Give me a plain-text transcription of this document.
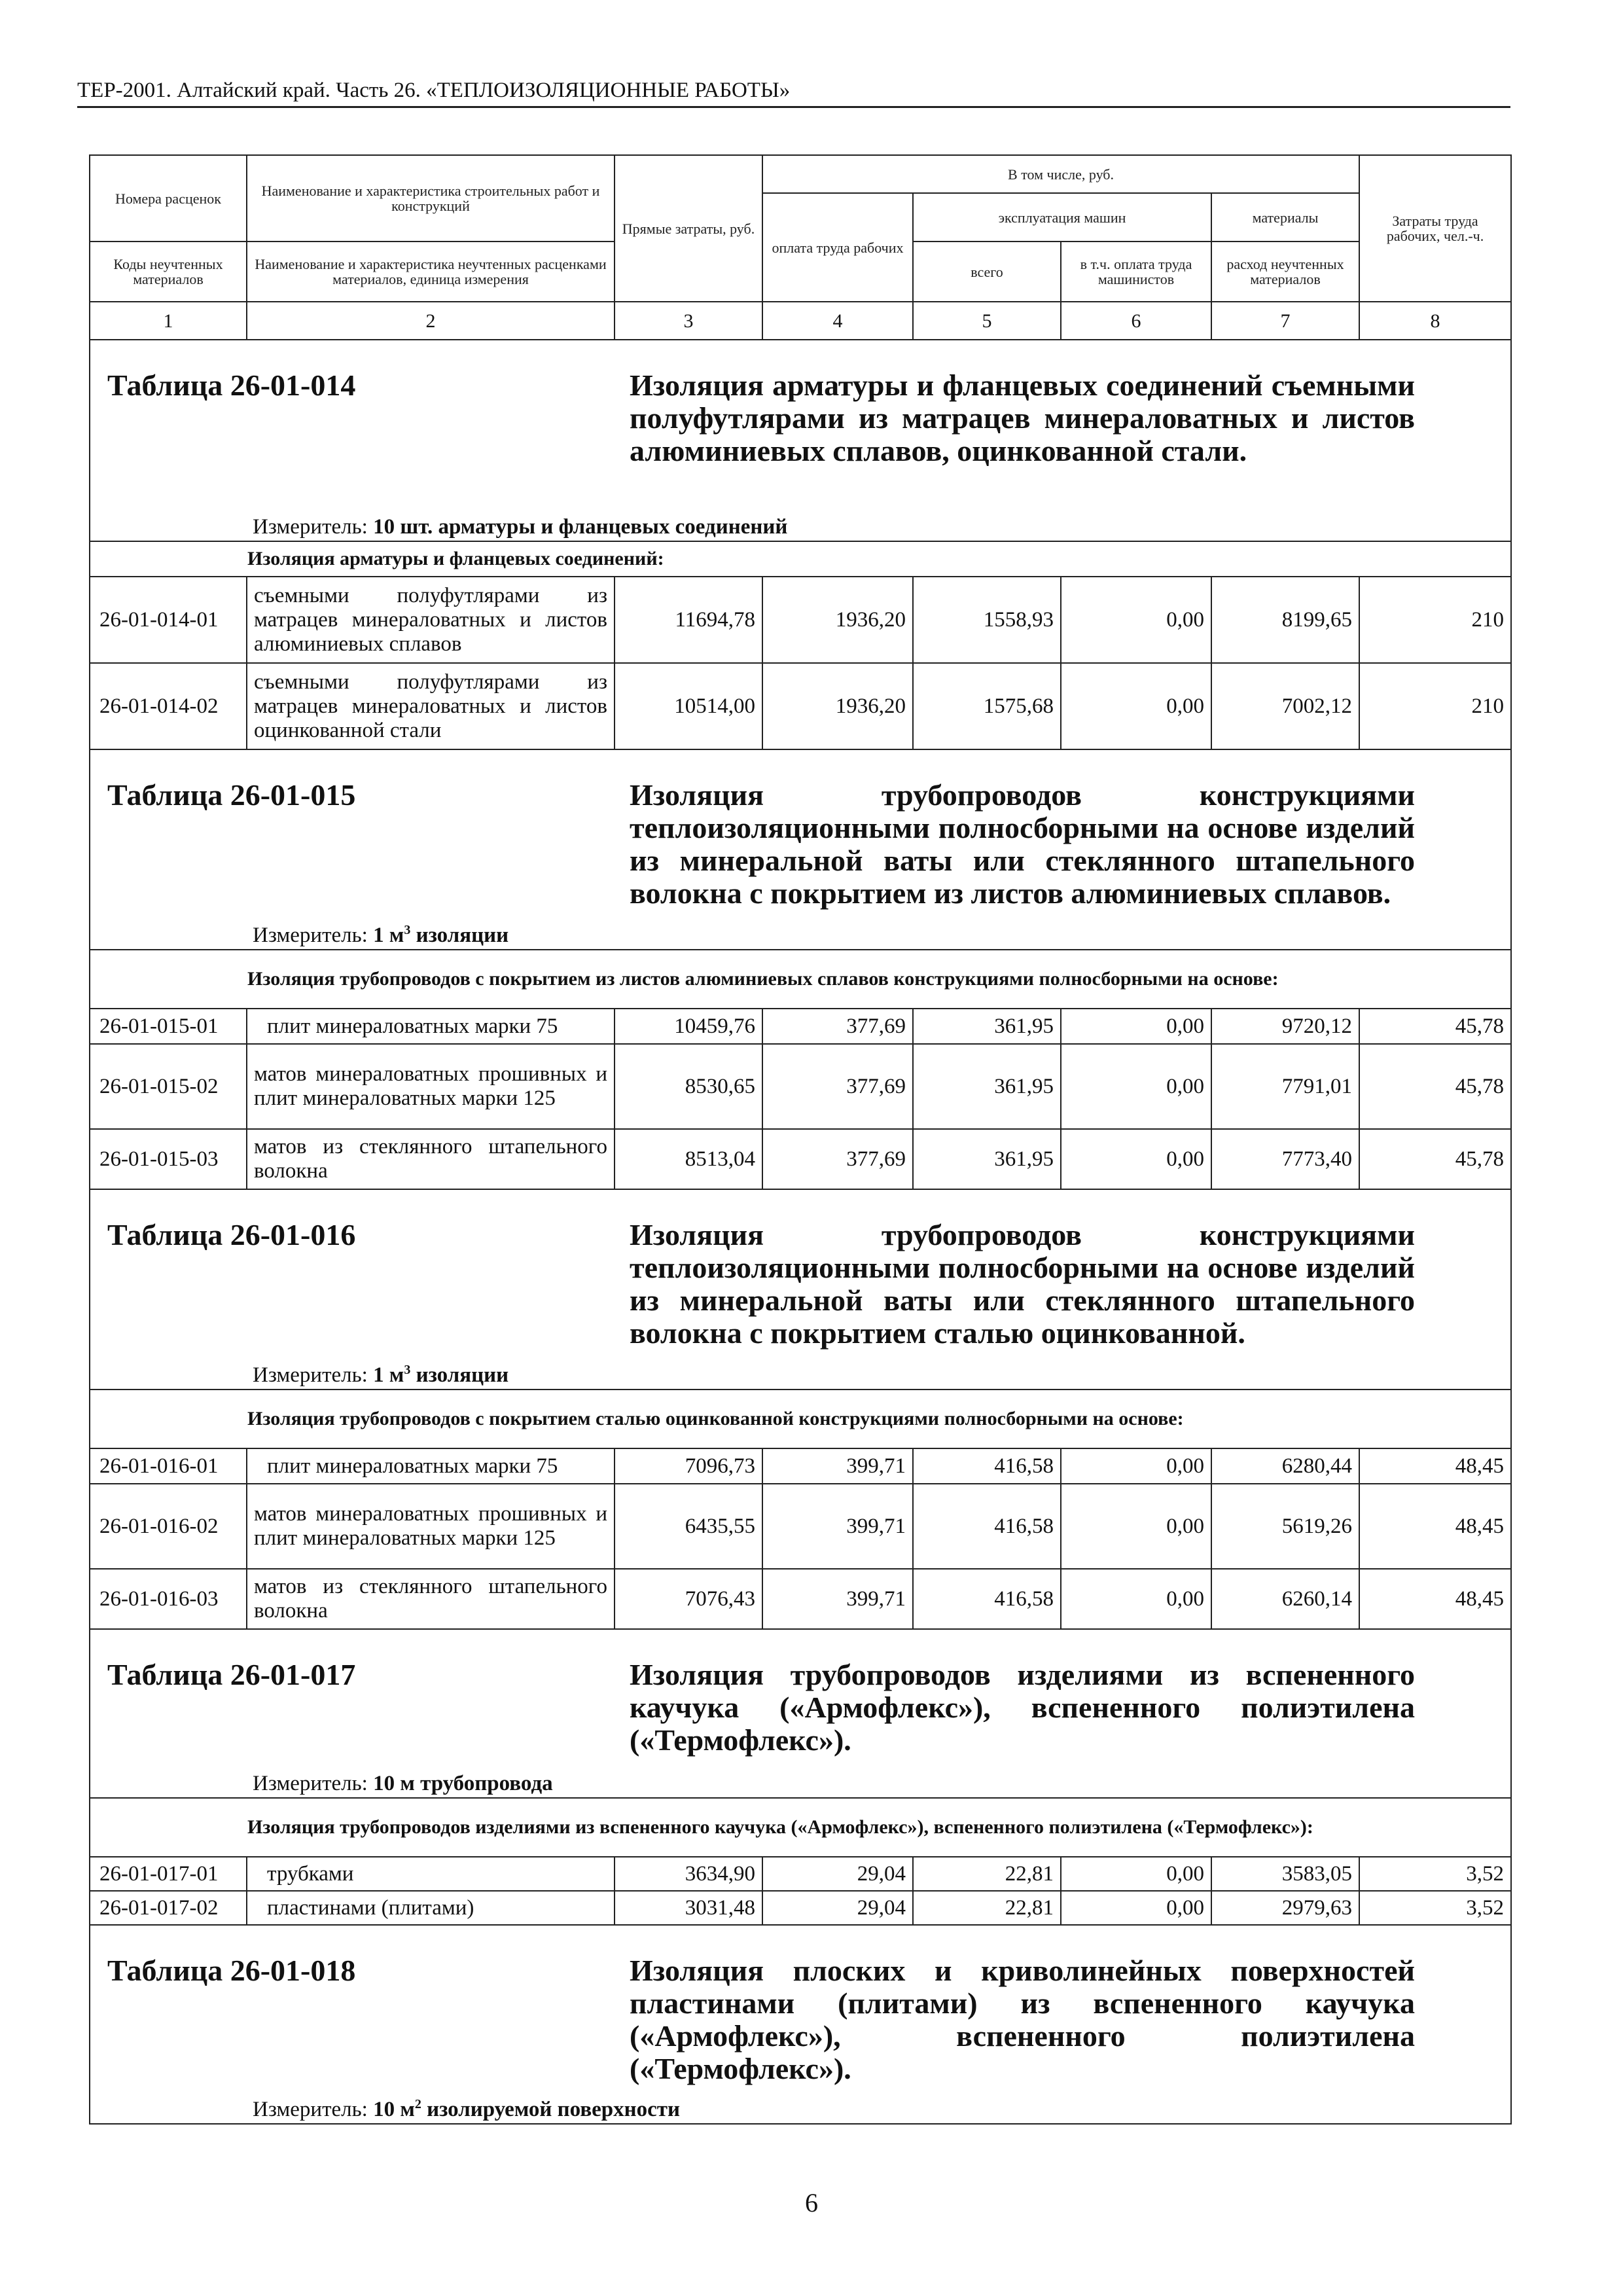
ТЕР-2001. Алтайский край. Часть 26. «ТЕПЛОИЗОЛЯЦИОННЫЕ РАБОТЫ»
Номера расценок	Наименование и характеристика строительных работ и конструкций	Прямые затраты, руб.	В том числе, руб.				Затраты труда рабочих, чел.-ч.
			оплата труда рабочих	эксплуатация машин		материалы	
Коды неучтенных материалов	Наименование и характеристика неучтенных расценками материалов, единица измерения			всего	в т.ч. оплата труда машинистов	расход неучтенных материалов	

1	2	3	4	5	6	7	8

Таблица 26-01-014 Изоляция арматуры и фланцевых соединений съемными полуфутлярами из матрацев минераловатных и листов алюминиевых сплавов, оцинкованной стали.
Измеритель: 10 шт. арматуры и фланцевых соединений							

Изоляция арматуры и фланцевых соединений:							

26-01-014-01	съемными полуфутлярами из матрацев минераловатных и листов алюминиевых сплавов	11694,78	1936,20	1558,93	0,00	8199,65	210
26-01-014-02	съемными полуфутлярами из матрацев минераловатных и листов оцинкованной стали	10514,00	1936,20	1575,68	0,00	7002,12	210

Таблица 26-01-015 Изоляция трубопроводов конструкциями теплоизоляционными полносборными на основе изделий из минеральной ваты или стеклянного штапельного волокна с покрытием из листов алюминиевых сплавов.
Измеритель: 1 $м^3$ изоляции							

Изоляция трубопроводов с покрытием из листов алюминиевых сплавов конструкциями полносборными на основе:							

26-01-015-01	плит минераловатных марки 75	10459,76	377,69	361,95	0,00	9720,12	45,78
26-01-015-02	матов минераловатных прошивных и плит минераловатных марки 125	8530,65	377,69	361,95	0,00	7791,01	45,78
26-01-015-03	матов из стеклянного штапельного волокна	8513,04	377,69	361,95	0,00	7773,40	45,78

Таблица 26-01-016 Изоляция трубопроводов конструкциями теплоизоляционными полносборными на основе изделий из минеральной ваты или стеклянного штапельного волокна с покрытием сталью оцинкованной.
Измеритель: 1 $м^3$ изоляции							

Изоляция трубопроводов с покрытием сталью оцинкованной конструкциями полносборными на основе:							

26-01-016-01	плит минераловатных марки 75	7096,73	399,71	416,58	0,00	6280,44	48,45
26-01-016-02	матов минераловатных прошивных и плит минераловатных марки 125	6435,55	399,71	416,58	0,00	5619,26	48,45
26-01-016-03	матов из стеклянного штапельного волокна	7076,43	399,71	416,58	0,00	6260,14	48,45

Таблица 26-01-017 Изоляция трубопроводов изделиями из вспененного каучука («Армофлекс»), вспененного полиэтилена («Термофлекс»).
Измеритель: 10 м трубопровода							

Изоляция трубопроводов изделиями из вспененного каучука («Армофлекс»), вспененного полиэтилена («Термофлекс»):							

26-01-017-01	трубками	3634,90	29,04	22,81	0,00	3583,05	3,52
26-01-017-02	пластинами (плитами)	3031,48	29,04	22,81	0,00	2979,63	3,52

Таблица 26-01-018 Изоляция плоских и криволинейных поверхностей пластинами (плитами) из вспененного каучука («Армофлекс»), вспененного полиэтилена («Термофлекс»).
Измеритель: 10 $м^2$ изолируемой поверхности							
6
